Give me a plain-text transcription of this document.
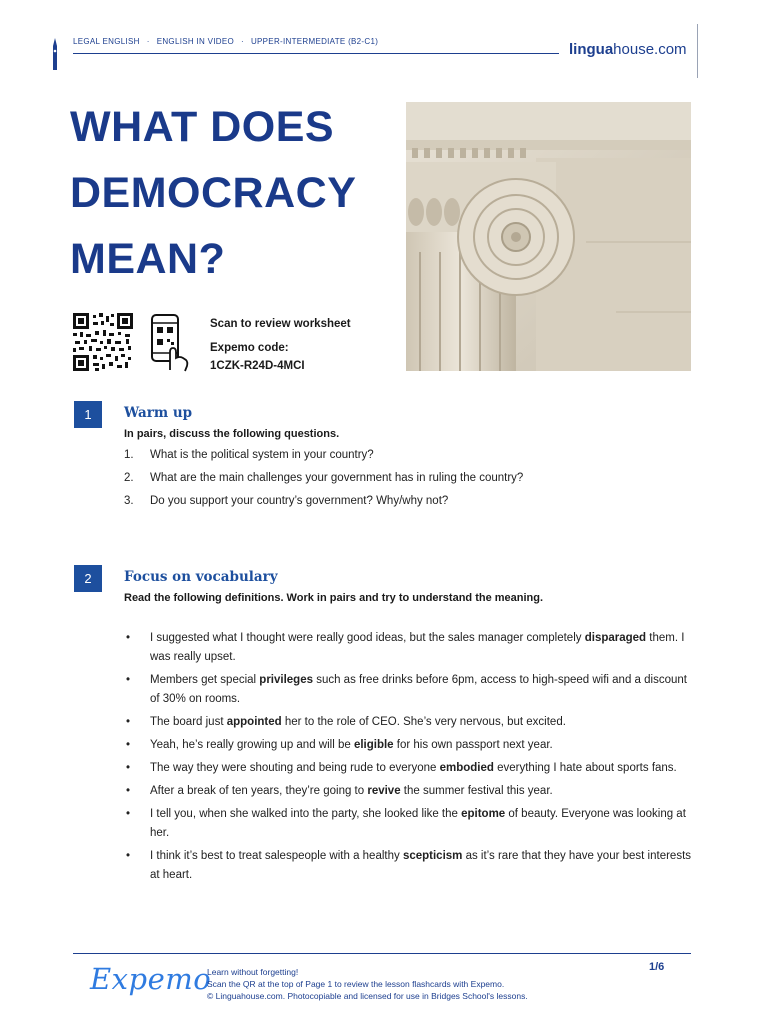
LEGAL ENGLISH · ENGLISH IN VIDEO · UPPER-INTERMEDIATE (B2-C1)	linguahouse.com
WHAT DOES
DEMOCRACY
MEAN?
Scan to review worksheet
Expemo code:
1CZK-R24D-4MCI
1	Warm up
In pairs, discuss the following questions.
1.	What is the political system in your country?
2.	What are the main challenges your government has in ruling the country?
3.	Do you support your country’s government? Why/why not?
2	Focus on vocabulary
Read the following definitions. Work in pairs and try to understand the meaning.
• I suggested what I thought were really good ideas, but the sales manager completely disparaged them. I was really upset.
• Members get special privileges such as free drinks before 6pm, access to high-speed wifi and a discount of 30% on rooms.
• The board just appointed her to the role of CEO. She’s very nervous, but excited.
• Yeah, he’s really growing up and will be eligible for his own passport next year.
• The way they were shouting and being rude to everyone embodied everything I hate about sports fans.
• After a break of ten years, they’re going to revive the summer festival this year.
• I tell you, when she walked into the party, she looked like the epitome of beauty. Everyone was looking at her.
• I think it’s best to treat salespeople with a healthy scepticism as it’s rare that they have your best interests at heart.
Expemo
Learn without forgetting!
Scan the QR at the top of Page 1 to review the lesson flashcards with Expemo.
© Linguahouse.com. Photocopiable and licensed for use in Bridges School's lessons.
1/6
